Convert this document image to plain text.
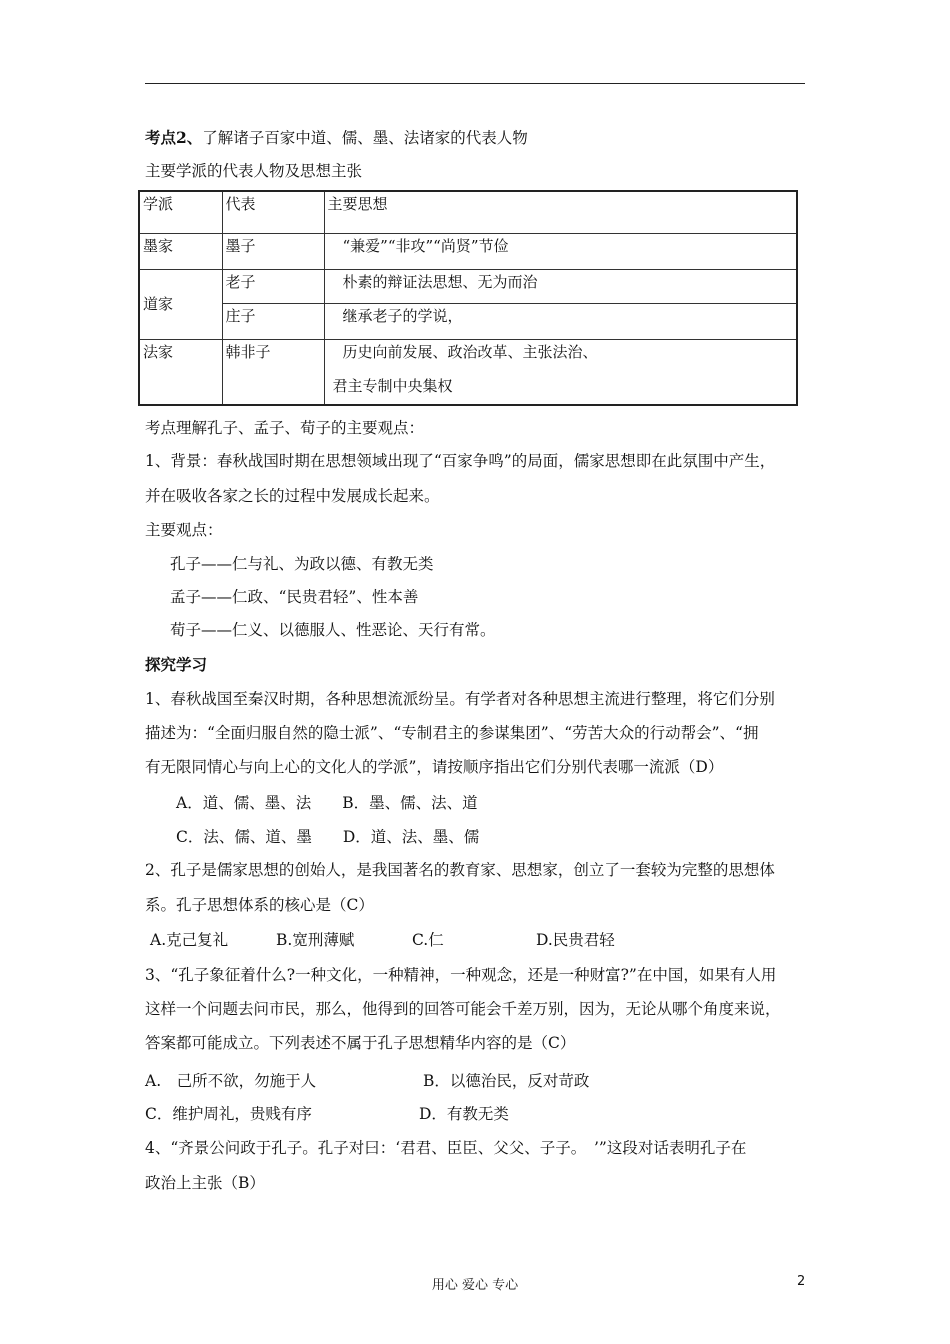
考点2、了解诸子百家中道、儒、墨、法诸家的代表人物
主要学派的代表人物及思想主张
学派	代表	主要思想
墨家	墨子	“兼爱”“非攻”“尚贤”节俭
道家	老子	朴素的辩证法思想、无为而治
	庄子	继承老子的学说，
法家	韩非子	历史向前发展、政治改革、主张法治、
君主专制中央集权
考点理解孔子、孟子、荀子的主要观点：
1、背景：春秋战国时期在思想领域出现了“百家争鸣”的局面，儒家思想即在此氛围中产生，
并在吸收各家之长的过程中发展成长起来。
主要观点：
孔子——仁与礼、为政以德、有教无类
孟子——仁政、“民贵君轻”、性本善
荀子——仁义、以德服人、性恶论、天行有常。
探究学习
1、春秋战国至秦汉时期，各种思想流派纷呈。有学者对各种思想主流进行整理，将它们分别
描述为：“全面归服自然的隐士派”、“专制君主的参谋集团”、“劳苦大众的行动帮会”、“拥
有无限同情心与向上心的文化人的学派”，请按顺序指出它们分别代表哪一流派（D）
A．道、儒、墨、法　　B．墨、儒、法、道
C．法、儒、道、墨　　D．道、法、墨、儒
2、孔子是儒家思想的创始人，是我国著名的教育家、思想家，创立了一套较为完整的思想体
系。孔子思想体系的核心是（C）
A.克己复礼	B.宽刑薄赋	C.仁	D.民贵君轻
3、“孔子象征着什么?一种文化，一种精神，一种观念，还是一种财富?”在中国，如果有人用
这样一个问题去问市民，那么，他得到的回答可能会千差万别，因为，无论从哪个角度来说，
答案都可能成立。下列表述不属于孔子思想精华内容的是（C）
A.　己所不欲，勿施于人	B．以德治民，反对苛政
C．维护周礼，贵贱有序	D．有教无类
4、“齐景公问政于孔子。孔子对曰：‘君君、臣臣、父父、子子。　’”这段对话表明孔子在
政治上主张（B）
用心 爱心 专心	2
